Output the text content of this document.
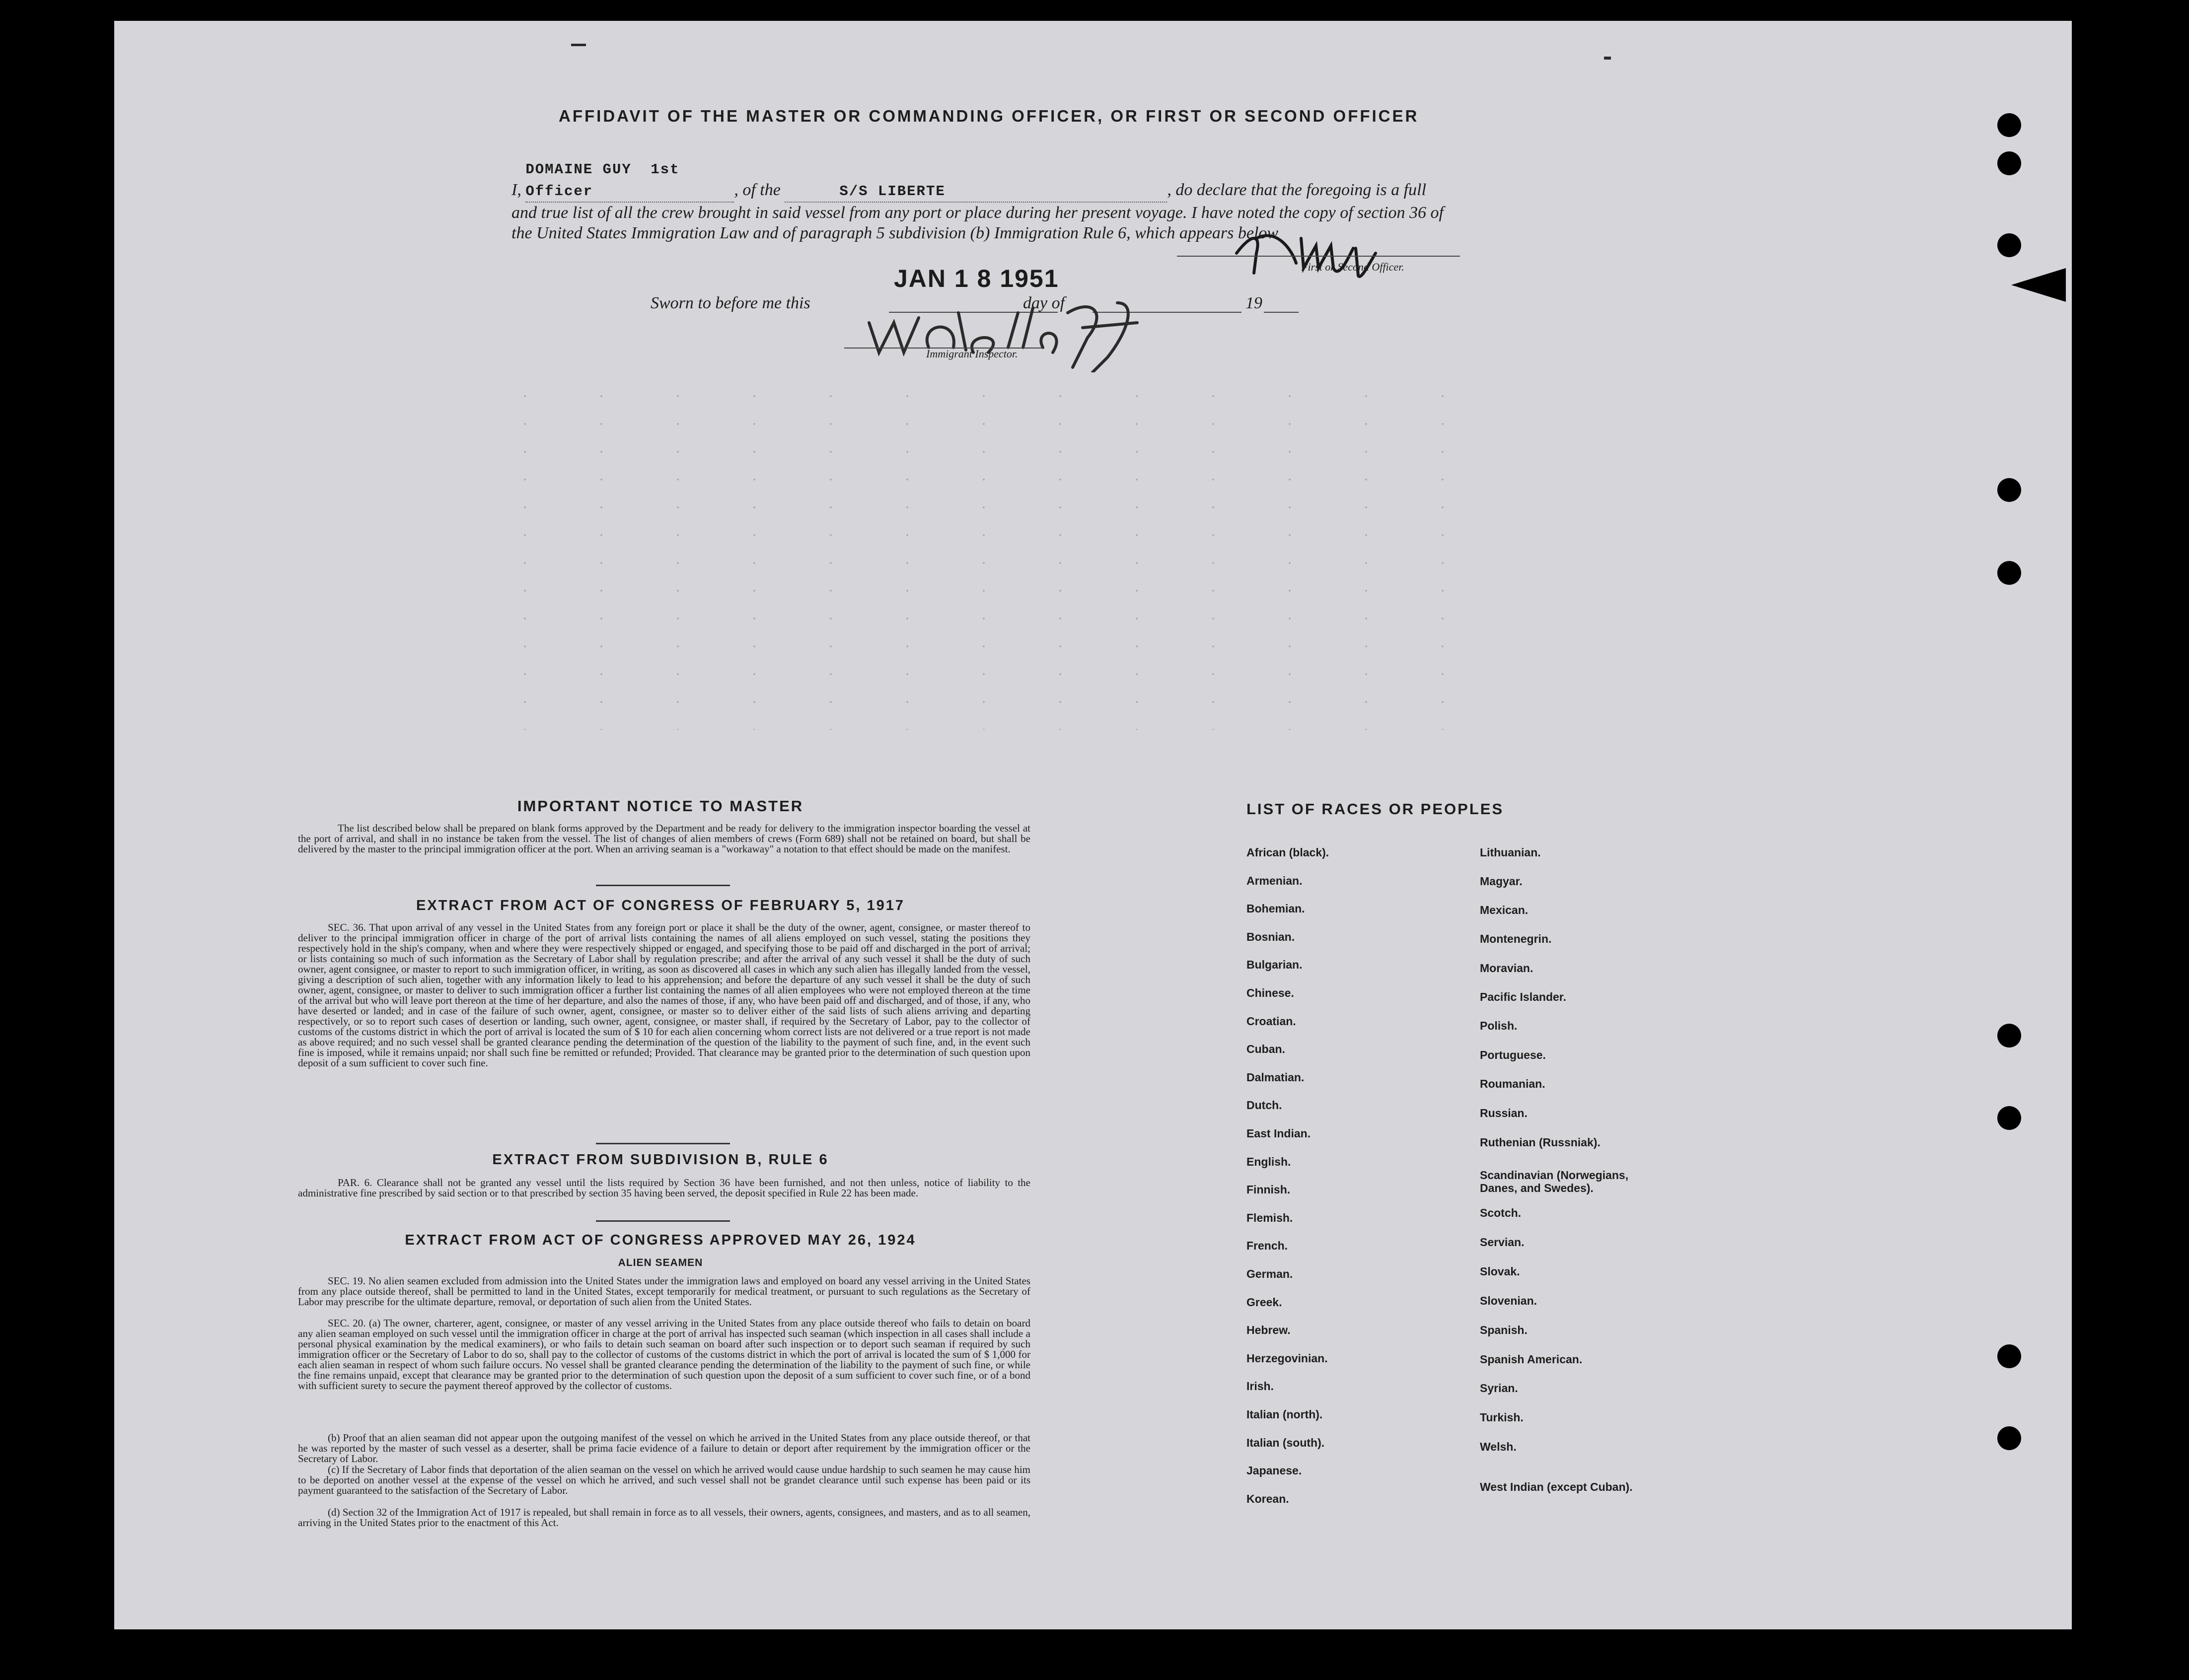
AFFIDAVIT OF THE MASTER OR COMMANDING OFFICER, OR FIRST OR SECOND OFFICER
I, DOMAINE GUY 1st Officer	, of the	S/S LIBERTE	, do declare that the foregoing is a full and true list of all the crew brought in said vessel from any port or place during her present voyage. I have noted the copy of section 36 of the United States Immigration Law and of paragraph 5 subdivision (b) Immigration Rule 6, which appears below
First or Second Officer.
JAN 1 8 1951
Sworn to before me this	day of	19
Immigrant Inspector.
IMPORTANT NOTICE TO MASTER

The list described below shall be prepared on blank forms approved by the Department and be ready for delivery to the immigration inspector boarding the vessel at the port of arrival, and shall in no instance be taken from the vessel. The list of changes of alien members of crews (Form 689) shall not be retained on board, but shall be delivered by the master to the principal immigration officer at the port. When an arriving seaman is a "workaway" a notation to that effect should be made on the manifest.

EXTRACT FROM ACT OF CONGRESS OF FEBRUARY 5, 1917

SEC. 36. That upon arrival of any vessel in the United States from any foreign port or place it shall be the duty of the owner, agent, consignee, or master thereof to deliver to the principal immigration officer in charge of the port of arrival lists containing the names of all aliens employed on such vessel, stating the positions they respectively hold in the ship's company, when and where they were respectively shipped or engaged, and specifying those to be paid off and discharged in the port of arrival; or lists containing so much of such information as the Secretary of Labor shall by regulation prescribe; and after the arrival of any such vessel it shall be the duty of such owner, agent consignee, or master to report to such immigration officer, in writing, as soon as discovered all cases in which any such alien has illegally landed from the vessel, giving a description of such alien, together with any information likely to lead to his apprehension; and before the departure of any such vessel it shall be the duty of such owner, agent, consignee, or master to deliver to such immigration officer a further list containing the names of all alien employees who were not employed thereon at the time of the arrival but who will leave port thereon at the time of her departure, and also the names of those, if any, who have been paid off and discharged, and of those, if any, who have deserted or landed; and in case of the failure of such owner, agent, consignee, or master so to deliver either of the said lists of such aliens arriving and departing respectively, or so to report such cases of desertion or landing, such owner, agent, consignee, or master shall, if required by the Secretary of Labor, pay to the collector of customs of the customs district in which the port of arrival is located the sum of $ 10 for each alien concerning whom correct lists are not delivered or a true report is not made as above required; and no such vessel shall be granted clearance pending the determination of the question of the liability to the payment of such fine, and, in the event such fine is imposed, while it remains unpaid; nor shall such fine be remitted or refunded; Provided. That clearance may be granted prior to the determination of such question upon deposit of a sum sufficient to cover such fine.

EXTRACT FROM SUBDIVISION B, RULE 6

PAR. 6. Clearance shall not be granted any vessel until the lists required by Section 36 have been furnished, and not then unless, notice of liability to the administrative fine prescribed by said section or to that prescribed by section 35 having been served, the deposit specified in Rule 22 has been made.

EXTRACT FROM ACT OF CONGRESS APPROVED MAY 26, 1924
ALIEN SEAMEN

SEC. 19. No alien seamen excluded from admission into the United States under the immigration laws and employed on board any vessel arriving in the United States from any place outside thereof, shall be permitted to land in the United States, except temporarily for medical treatment, or pursuant to such regulations as the Secretary of Labor may prescribe for the ultimate departure, removal, or deportation of such alien from the United States.

SEC. 20. (a) The owner, charterer, agent, consignee, or master of any vessel arriving in the United States from any place outside thereof who fails to detain on board any alien seaman employed on such vessel until the immigration officer in charge at the port of arrival has inspected such seaman (which inspection in all cases shall include a personal physical examination by the medical examiners), or who fails to detain such seaman on board after such inspection or to deport such seaman if required by such immigration officer or the Secretary of Labor to do so, shall pay to the collector of customs of the customs district in which the port of arrival is located the sum of $ 1,000 for each alien seaman in respect of whom such failure occurs. No vessel shall be granted clearance pending the determination of the liability to the payment of such fine, or while the fine remains unpaid, except that clearance may be granted prior to the determination of such question upon the deposit of a sum sufficient to cover such fine, or of a bond with sufficient surety to secure the payment thereof approved by the collector of customs.

(b) Proof that an alien seaman did not appear upon the outgoing manifest of the vessel on which he arrived in the United States from any place outside thereof, or that he was reported by the master of such vessel as a deserter, shall be prima facie evidence of a failure to detain or deport after requirement by the immigration officer or the Secretary of Labor.

(c) If the Secretary of Labor finds that deportation of the alien seaman on the vessel on which he arrived would cause undue hardship to such seamen he may cause him to be deported on another vessel at the expense of the vessel on which he arrived, and such vessel shall not be grandet clearance until such expense has been paid or its payment guaranteed to the satisfaction of the Secretary of Labor.

(d) Section 32 of the Immigration Act of 1917 is repealed, but shall remain in force as to all vessels, their owners, agents, consignees, and masters, and as to all seamen, arriving in the United States prior to the enactment of this Act.

LIST OF RACES OR PEOPLES
African (black).
Armenian.
Bohemian.
Bosnian.
Bulgarian.
Chinese.
Croatian.
Cuban.
Dalmatian.
Dutch.
East Indian.
English.
Finnish.
Flemish.
French.
German.
Greek.
Hebrew.
Herzegovinian.
Irish.
Italian (north).
Italian (south).
Japanese.
Korean.
Lithuanian.
Magyar.
Mexican.
Montenegrin.
Moravian.
Pacific Islander.
Polish.
Portuguese.
Roumanian.
Russian.
Ruthenian (Russniak).
Scandinavian (Norwegians, Danes, and Swedes).
Scotch.
Servian.
Slovak.
Slovenian.
Spanish.
Spanish American.
Syrian.
Turkish.
Welsh.
West Indian (except Cuban).
